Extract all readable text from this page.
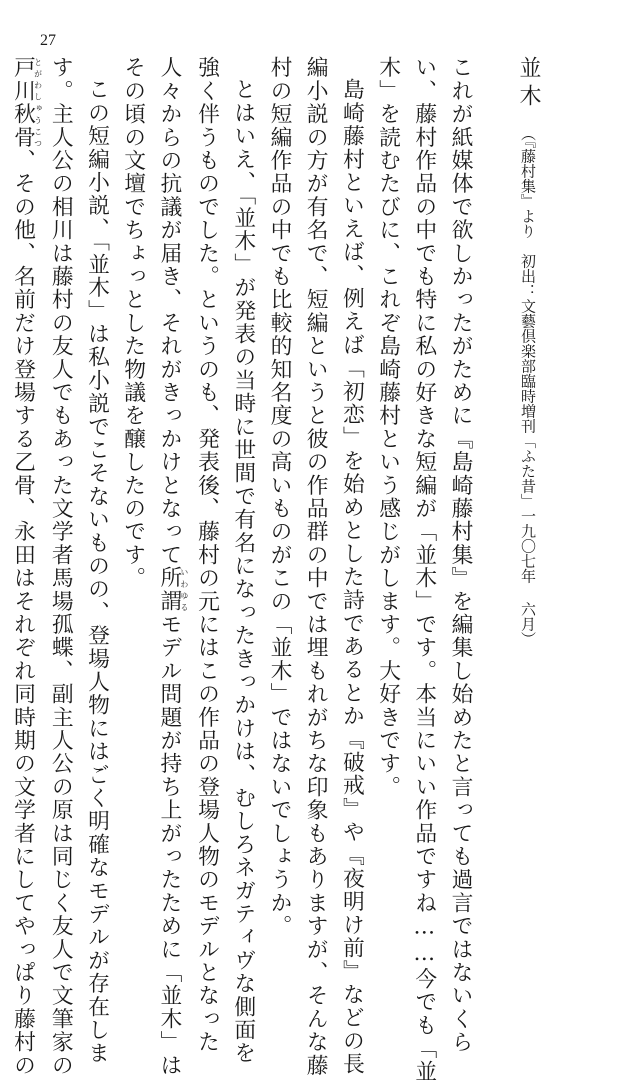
27
並木（『藤村集』より　初出：文藝倶楽部臨時増刊「ふた昔」一九〇七年 六月）

これが紙媒体で欲しかったがために『島崎藤村集』を編集し始めたと言っても過言ではないくら

い、藤村作品の中でも特に私の好きな短編が「並木」です。本当にいい作品ですね……今でも「並

木」を読むたびに、これぞ島崎藤村という感じがします。大好きです。

島崎藤村といえば、例えば「初恋」を始めとした詩であるとか『破戒』や『夜明け前』などの長

編小説の方が有名で、短編というと彼の作品群の中では埋もれがちな印象もありますが、そんな藤

村の短編作品の中でも比較的知名度の高いものがこの「並木」ではないでしょうか。

とはいえ、「並木」が発表の当時に世間で有名になったきっかけは、むしろネガティヴな側面を

強く伴うものでした。というのも、発表後、藤村の元にはこの作品の登場人物のモデルとなった

人々からの抗議が届き、それがきっかけとなって所謂いわゆるモデル問題が持ち上がったために「並木」は

その頃の文壇でちょっとした物議を醸したのです。

この短編小説、「並木」は私小説でこそないものの、登場人物にはごく明確なモデルが存在しま

す。主人公の相川は藤村の友人でもあった文学者馬場孤蝶、副主人公の原は同じく友人で文筆家の

戸川秋骨とがわしゅうこつ、その他、名前だけ登場する乙骨、永田はそれぞれ同時期の文学者にしてやっぱり藤村の
